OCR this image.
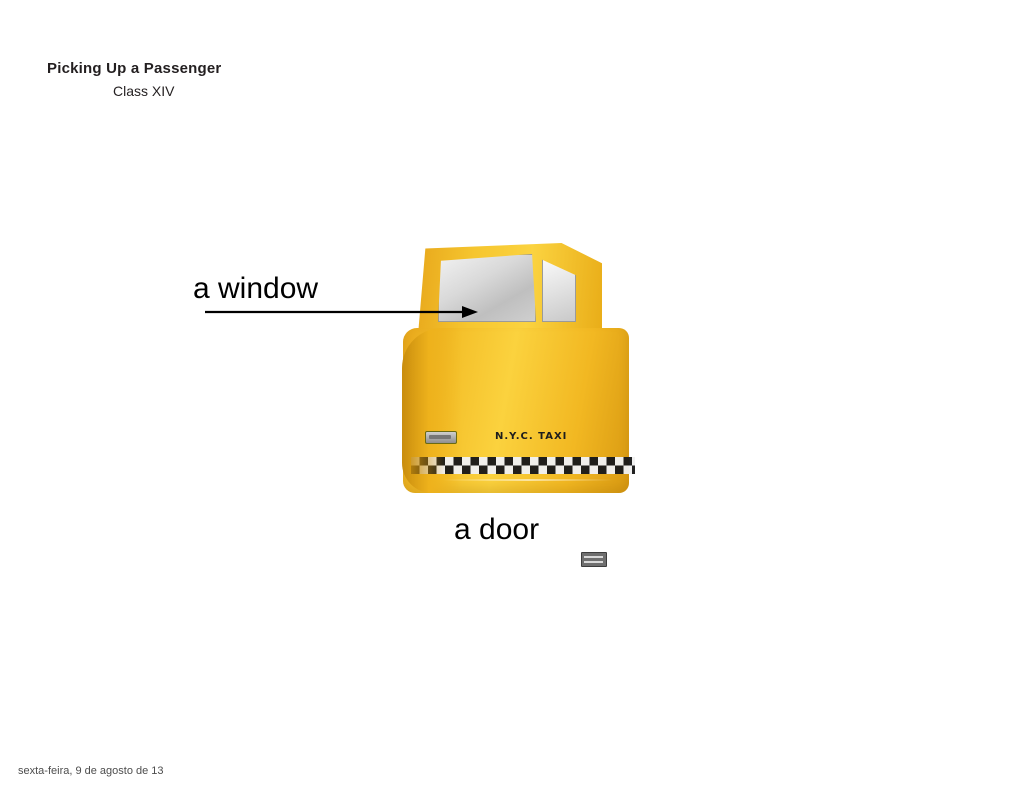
Picking Up a Passenger
Class XIV
N.Y.C. TAXI
a window
a door
sexta-feira, 9 de agosto de 13
